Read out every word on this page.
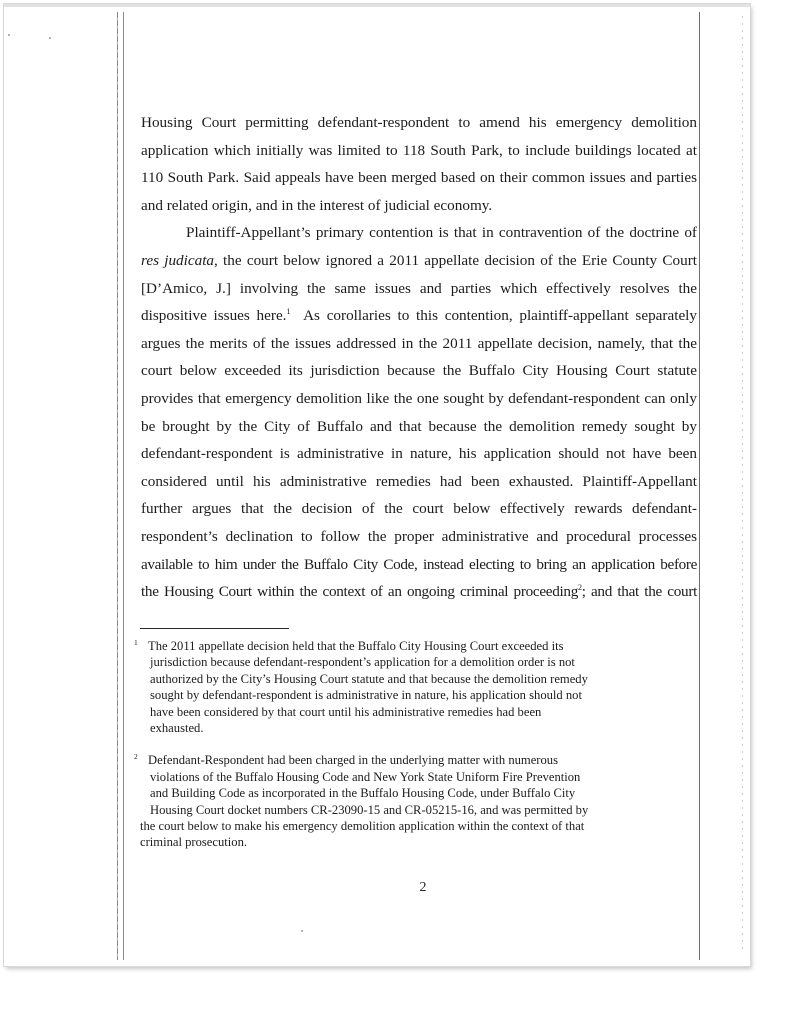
Housing Court permitting defendant-respondent to amend his emergency demolition
application which initially was limited to 118 South Park, to include buildings located at
110 South Park. Said appeals have been merged based on their common issues and parties
and related origin, and in the interest of judicial economy.
Plaintiff-Appellant’s primary contention is that in contravention of the doctrine of
res judicata, the court below ignored a 2011 appellate decision of the Erie County Court
[D’Amico, J.] involving the same issues and parties which effectively resolves the
dispositive issues here.$^1$  As corollaries to this contention, plaintiff-appellant separately
argues the merits of the issues addressed in the 2011 appellate decision, namely, that the
court below exceeded its jurisdiction because the Buffalo City Housing Court statute
provides that emergency demolition like the one sought by defendant-respondent can only
be brought by the City of Buffalo and that because the demolition remedy sought by
defendant-respondent is administrative in nature, his application should not have been
considered until his administrative remedies had been exhausted. Plaintiff-Appellant
further argues that the decision of the court below effectively rewards defendant-
respondent’s declination to follow the proper administrative and procedural processes
available to him under the Buffalo City Code, instead electing to bring an application before
the Housing Court within the context of an ongoing criminal proceeding$^2$; and that the court
1 The 2011 appellate decision held that the Buffalo City Housing Court exceeded its
jurisdiction because defendant-respondent’s application for a demolition order is not
authorized by the City’s Housing Court statute and that because the demolition remedy
sought by defendant-respondent is administrative in nature, his application should not
have been considered by that court until his administrative remedies had been
exhausted.
2 Defendant-Respondent had been charged in the underlying matter with numerous
violations of the Buffalo Housing Code and New York State Uniform Fire Prevention
and Building Code as incorporated in the Buffalo Housing Code, under Buffalo City
Housing Court docket numbers CR-23090-15 and CR-05215-16, and was permitted by
the court below to make his emergency demolition application within the context of that
criminal prosecution.
2
